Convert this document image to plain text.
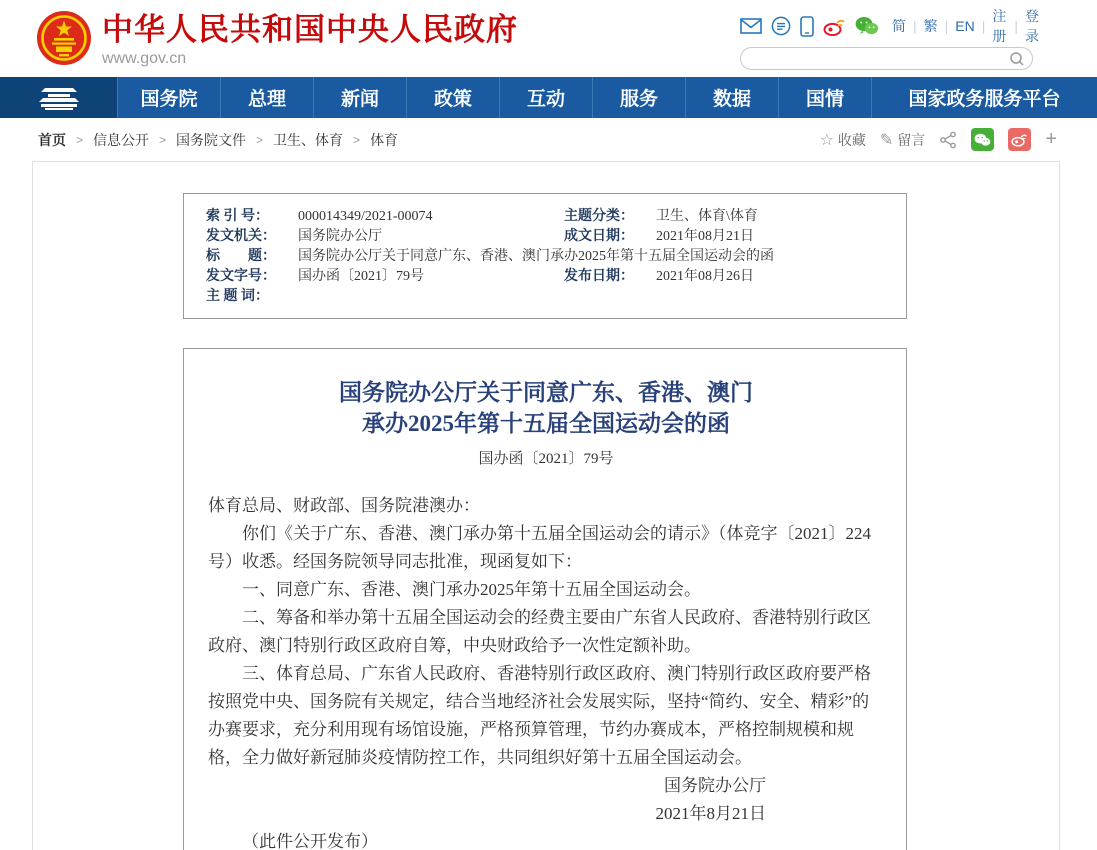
中华人民共和国中央人民政府
www.gov.cn
简 | 繁 | EN |
注册
|
登录
国务院	总理	新闻	政策	互动	服务	数据	国情	国家政务服务平台
首页 > 信息公开 > 国务院文件 > 卫生、体育 > 体育	☆ 收藏 ✎ 留言	+
索 引 号：	000014349/2021-00074	主题分类：	卫生、体育\体育
发文机关：	国务院办公厅	成文日期：	2021年08月21日
标　　题：	国务院办公厅关于同意广东、香港、澳门承办2025年第十五届全国运动会的函
发文字号：	国办函〔2021〕79号	发布日期：	2021年08月26日
主 题 词：
国务院办公厅关于同意广东、香港、澳门
承办2025年第十五届全国运动会的函
国办函〔2021〕79号

体育总局、财政部、国务院港澳办：

你们《关于广东、香港、澳门承办第十五届全国运动会的请示》（体竞字〔2021〕224号）收悉。经国务院领导同志批准，现函复如下：

一、同意广东、香港、澳门承办2025年第十五届全国运动会。

二、筹备和举办第十五届全国运动会的经费主要由广东省人民政府、香港特别行政区政府、澳门特别行政区政府自筹，中央财政给予一次性定额补助。

三、体育总局、广东省人民政府、香港特别行政区政府、澳门特别行政区政府要严格按照党中央、国务院有关规定，结合当地经济社会发展实际，坚持“简约、安全、精彩”的办赛要求，充分利用现有场馆设施，严格预算管理，节约办赛成本，严格控制规模和规格，全力做好新冠肺炎疫情防控工作，共同组织好第十五届全国运动会。

国务院办公厅
2021年8月21日
（此件公开发布）
